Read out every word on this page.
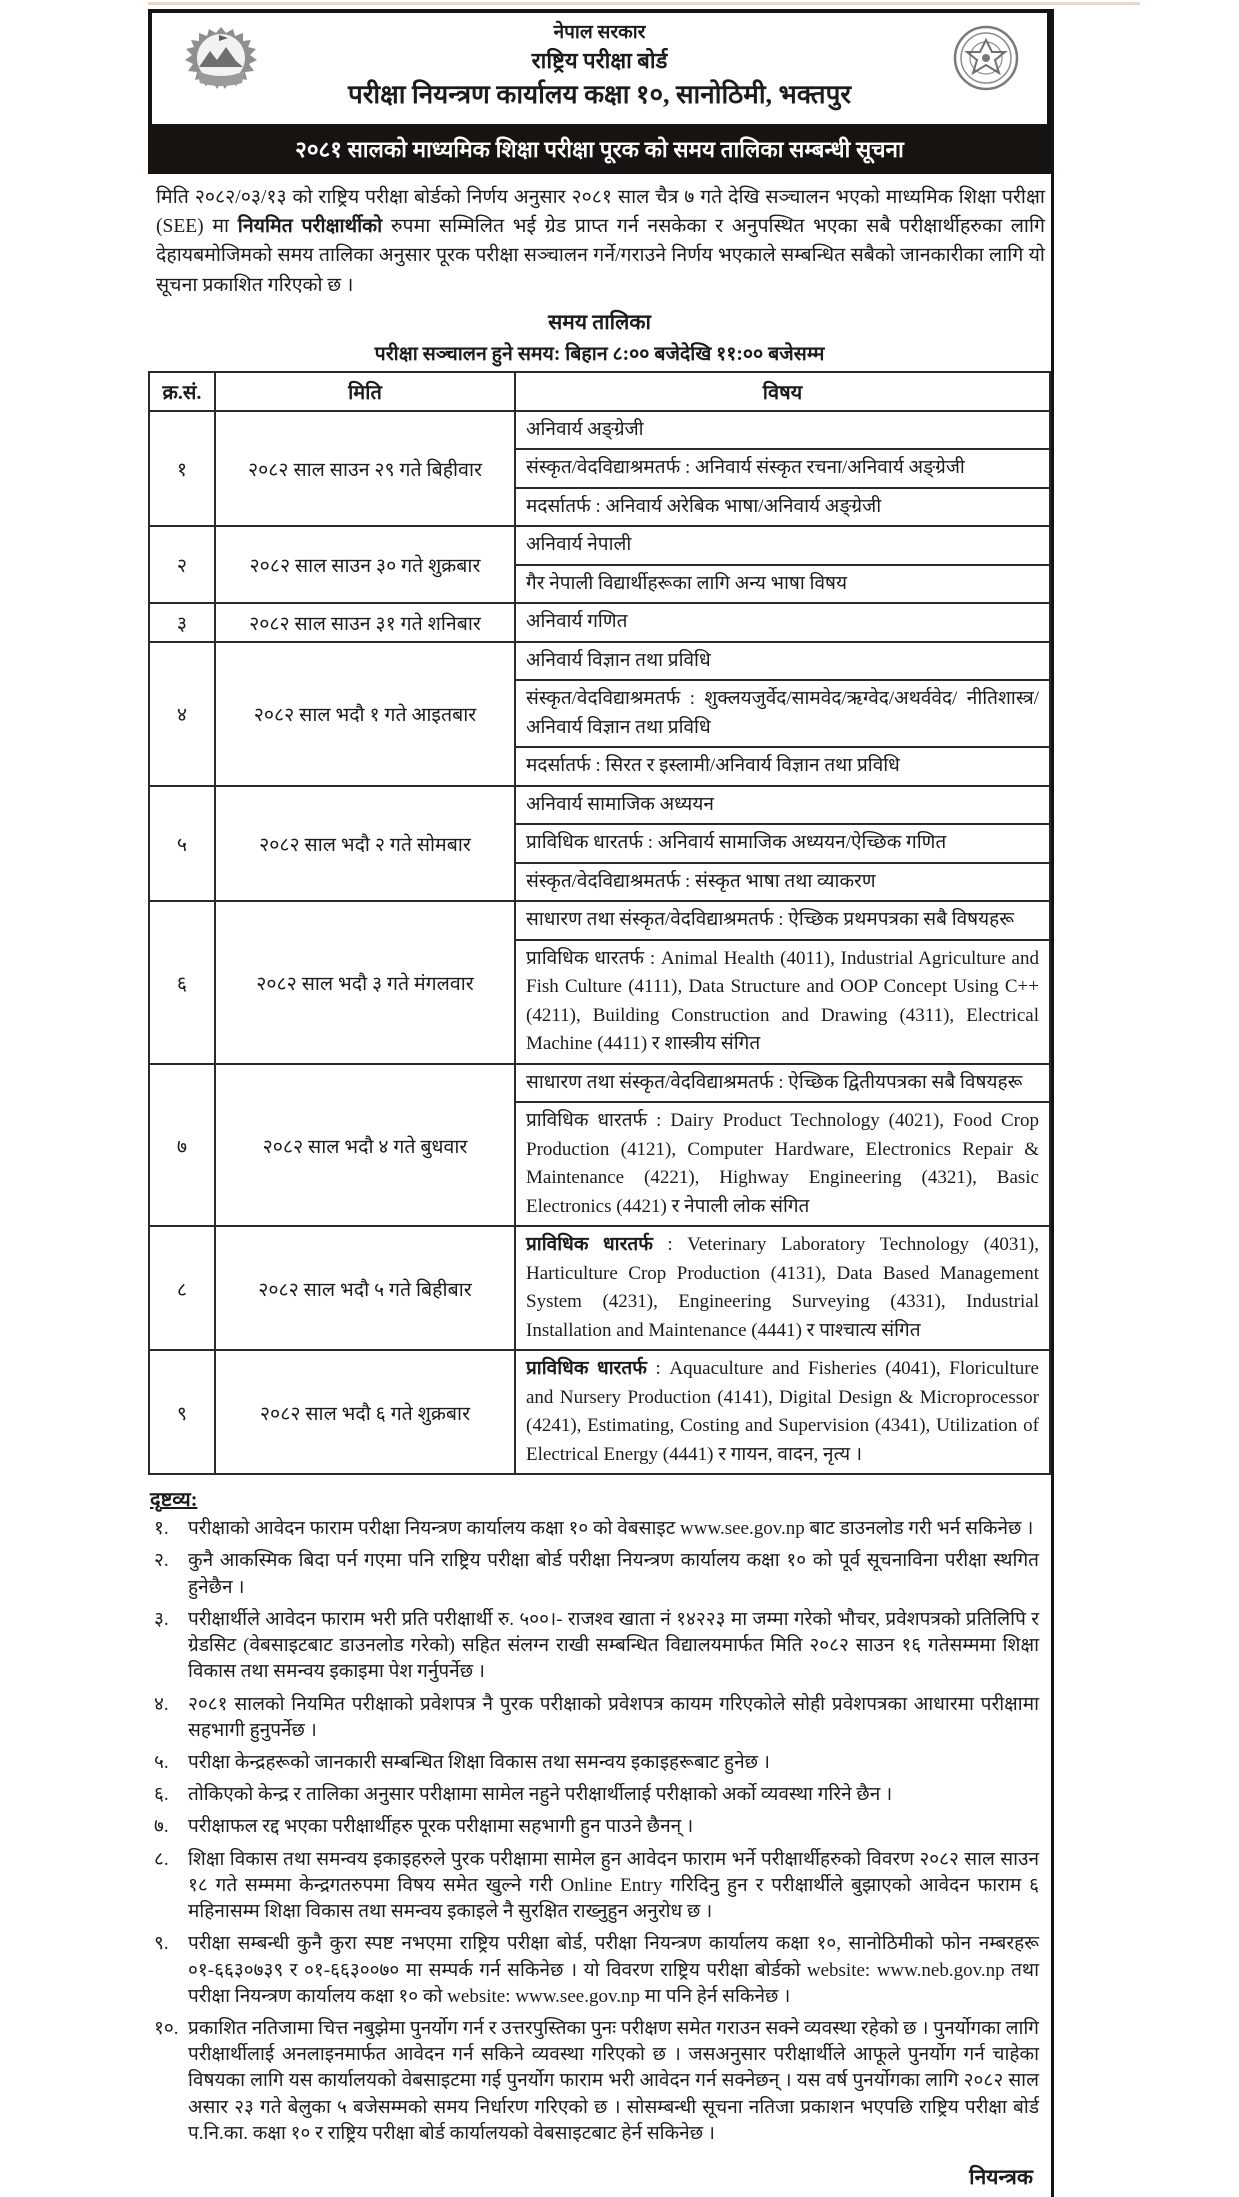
नेपाल सरकार
राष्ट्रिय परीक्षा बोर्ड
परीक्षा नियन्त्रण कार्यालय कक्षा १०, सानोठिमी, भक्तपुर
२०८१ सालको माध्यमिक शिक्षा परीक्षा पूरक को समय तालिका सम्बन्धी सूचना
मिति २०८२/०३/१३ को राष्ट्रिय परीक्षा बोर्डको निर्णय अनुसार २०८१ साल चैत्र ७ गते देखि सञ्चालन भएको माध्यमिक शिक्षा परीक्षा (SEE) मा नियमित परीक्षार्थीको रुपमा सम्मिलित भई ग्रेड प्राप्त गर्न नसकेका र अनुपस्थित भएका सबै परीक्षार्थीहरुका लागि देहायबमोजिमको समय तालिका अनुसार पूरक परीक्षा सञ्चालन गर्ने/गराउने निर्णय भएकाले सम्बन्धित सबैको जानकारीका लागि यो सूचना प्रकाशित गरिएको छ ।
समय तालिका
परीक्षा सञ्चालन हुने समय: बिहान ८:०० बजेदेखि ११:०० बजेसम्म
क्र.सं.	मिति	विषय
१	२०८२ साल साउन २९ गते बिहीवार	अनिवार्य अङ्ग्रेजी
		संस्कृत/वेदविद्याश्रमतर्फ : अनिवार्य संस्कृत रचना/अनिवार्य अङ्ग्रेजी
		मदर्सातर्फ : अनिवार्य अरेबिक भाषा/अनिवार्य अङ्ग्रेजी
२	२०८२ साल साउन ३० गते शुक्रबार	अनिवार्य नेपाली
		गैर नेपाली विद्यार्थीहरूका लागि अन्य भाषा विषय
३	२०८२ साल साउन ३१ गते शनिबार	अनिवार्य गणित
४	२०८२ साल भदौ १ गते आइतबार	अनिवार्य विज्ञान तथा प्रविधि
		संस्कृत/वेदविद्याश्रमतर्फ : शुक्लयजुर्वेद/सामवेद/ऋग्वेद/अथर्ववेद/ नीतिशास्त्र/अनिवार्य विज्ञान तथा प्रविधि
		मदर्सातर्फ : सिरत र इस्लामी/अनिवार्य विज्ञान तथा प्रविधि
५	२०८२ साल भदौ २ गते सोमबार	अनिवार्य सामाजिक अध्ययन
		प्राविधिक धारतर्फ : अनिवार्य सामाजिक अध्ययन/ऐच्छिक गणित
		संस्कृत/वेदविद्याश्रमतर्फ : संस्कृत भाषा तथा व्याकरण
६	२०८२ साल भदौ ३ गते मंगलवार	साधारण तथा संस्कृत/वेदविद्याश्रमतर्फ : ऐच्छिक प्रथमपत्रका सबै विषयहरू
		प्राविधिक धारतर्फ : Animal Health (4011), Industrial Agriculture and Fish Culture (4111), Data Structure and OOP Concept Using C++ (4211), Building Construction and Drawing (4311), Electrical Machine (4411) र शास्त्रीय संगित
७	२०८२ साल भदौ ४ गते बुधवार	साधारण तथा संस्कृत/वेदविद्याश्रमतर्फ : ऐच्छिक द्वितीयपत्रका सबै विषयहरू
		प्राविधिक धारतर्फ : Dairy Product Technology (4021), Food Crop Production (4121), Computer Hardware, Electronics Repair & Maintenance (4221), Highway Engineering (4321), Basic Electronics (4421) र नेपाली लोक संगित
८	२०८२ साल भदौ ५ गते बिहीबार	प्राविधिक धारतर्फ : Veterinary Laboratory Technology (4031), Harticulture Crop Production (4131), Data Based Management System (4231), Engineering Surveying (4331), Industrial Installation and Maintenance (4441) र पाश्चात्य संगित
९	२०८२ साल भदौ ६ गते शुक्रबार	प्राविधिक धारतर्फ : Aquaculture and Fisheries (4041), Floriculture and Nursery Production (4141), Digital Design & Microprocessor (4241), Estimating, Costing and Supervision (4341), Utilization of Electrical Energy (4441) र गायन, वादन, नृत्य ।
दृष्टव्य:
१.	परीक्षाको आवेदन फाराम परीक्षा नियन्त्रण कार्यालय कक्षा १० को वेबसाइट www.see.gov.np बाट डाउनलोड गरी भर्न सकिनेछ ।
२.	कुनै आकस्मिक बिदा पर्न गएमा पनि राष्ट्रिय परीक्षा बोर्ड परीक्षा नियन्त्रण कार्यालय कक्षा १० को पूर्व सूचनाविना परीक्षा स्थगित हुनेछैन ।
३.	परीक्षार्थीले आवेदन फाराम भरी प्रति परीक्षार्थी रु. ५००।- राजश्व खाता नं १४२२३ मा जम्मा गरेको भौचर, प्रवेशपत्रको प्रतिलिपि र ग्रेडसिट (वेबसाइटबाट डाउनलोड गरेको) सहित संलग्न राखी सम्बन्धित विद्यालयमार्फत मिति २०८२ साउन १६ गतेसम्ममा शिक्षा विकास तथा समन्वय इकाइमा पेश गर्नुपर्नेछ ।
४.	२०८१ सालको नियमित परीक्षाको प्रवेशपत्र नै पुरक परीक्षाको प्रवेशपत्र कायम गरिएकोले सोही प्रवेशपत्रका आधारमा परीक्षामा सहभागी हुनुपर्नेछ ।
५.	परीक्षा केन्द्रहरूको जानकारी सम्बन्धित शिक्षा विकास तथा समन्वय इकाइहरूबाट हुनेछ ।
६.	तोकिएको केन्द्र र तालिका अनुसार परीक्षामा सामेल नहुने परीक्षार्थीलाई परीक्षाको अर्को व्यवस्था गरिने छैन ।
७.	परीक्षाफल रद्द भएका परीक्षार्थीहरु पूरक परीक्षामा सहभागी हुन पाउने छैनन् ।
८.	शिक्षा विकास तथा समन्वय इकाइहरुले पुरक परीक्षामा सामेल हुन आवेदन फाराम भर्ने परीक्षार्थीहरुको विवरण २०८२ साल साउन १८ गते सम्ममा केन्द्रगतरुपमा विषय समेत खुल्ने गरी Online Entry गरिदिनु हुन र परीक्षार्थीले बुझाएको आवेदन फाराम ६ महिनासम्म शिक्षा विकास तथा समन्वय इकाइले नै सुरक्षित राख्नुहुन अनुरोध छ ।
९.	परीक्षा सम्बन्धी कुनै कुरा स्पष्ट नभएमा राष्ट्रिय परीक्षा बोर्ड, परीक्षा नियन्त्रण कार्यालय कक्षा १०, सानोठिमीको फोन नम्बरहरू ०१-६६३०७३९ र ०१-६६३००७० मा सम्पर्क गर्न सकिनेछ । यो विवरण राष्ट्रिय परीक्षा बोर्डको website: www.neb.gov.np तथा परीक्षा नियन्त्रण कार्यालय कक्षा १० को website: www.see.gov.np मा पनि हेर्न सकिनेछ ।
१०. प्रकाशित नतिजामा चित्त नबुझेमा पुनर्योग गर्न र उत्तरपुस्तिका पुनः परीक्षण समेत गराउन सक्ने व्यवस्था रहेको छ । पुनर्योगका लागि परीक्षार्थीलाई अनलाइनमार्फत आवेदन गर्न सकिने व्यवस्था गरिएको छ । जसअनुसार परीक्षार्थीले आफूले पुनर्योग गर्न चाहेका विषयका लागि यस कार्यालयको वेबसाइटमा गई पुनर्योग फाराम भरी आवेदन गर्न सक्नेछन् । यस वर्ष पुनर्योगका लागि २०८२ साल असार २३ गते बेलुका ५ बजेसम्मको समय निर्धारण गरिएको छ । सोसम्बन्धी सूचना नतिजा प्रकाशन भएपछि राष्ट्रिय परीक्षा बोर्ड प.नि.का. कक्षा १० र राष्ट्रिय परीक्षा बोर्ड कार्यालयको वेबसाइटबाट हेर्न सकिनेछ ।
नियन्त्रक
